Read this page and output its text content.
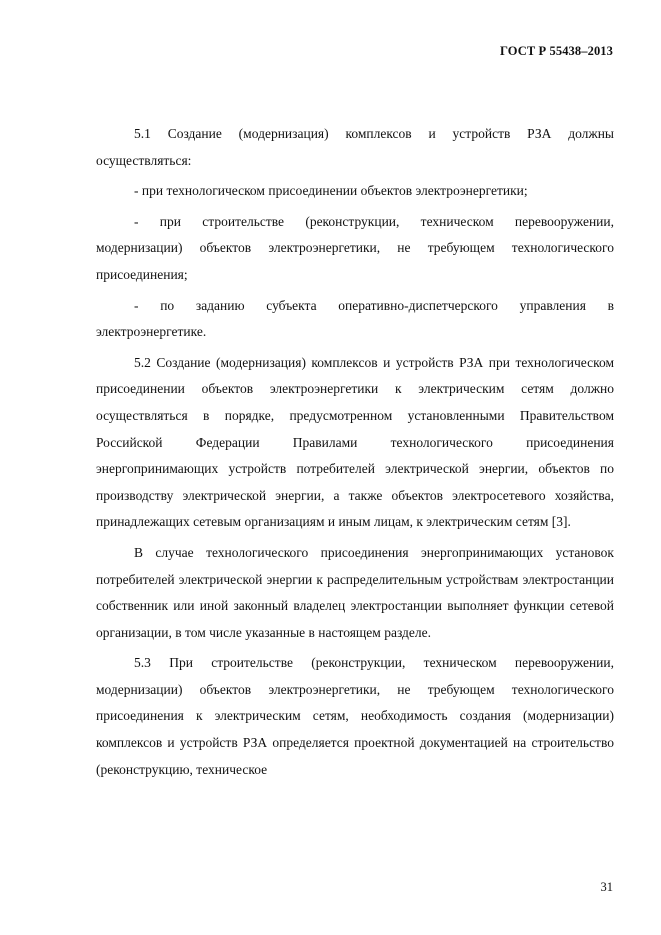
ГОСТ Р 55438–2013

5.1 Создание (модернизация) комплексов и устройств РЗА должны осуществляться:

- при технологическом присоединении объектов электроэнергетики;

- при строительстве (реконструкции, техническом перевооружении, модернизации) объектов электроэнергетики, не требующем технологического присоединения;

- по заданию субъекта оперативно-диспетчерского управления в электроэнергетике.

5.2 Создание (модернизация) комплексов и устройств РЗА при технологическом присоединении объектов электроэнергетики к электрическим сетям должно осуществляться в порядке, предусмотренном установленными Правительством Российской Федерации Правилами технологического присоединения энергопринимающих устройств потребителей электрической энергии, объектов по производству электрической энергии, а также объектов электросетевого хозяйства, принадлежащих сетевым организациям и иным лицам, к электрическим сетям [3].

В случае технологического присоединения энергопринимающих установок потребителей электрической энергии к распределительным устройствам электростанции собственник или иной законный владелец электростанции выполняет функции сетевой организации, в том числе указанные в настоящем разделе.

5.3 При строительстве (реконструкции, техническом перевооружении, модернизации) объектов электроэнергетики, не требующем технологического присоединения к электрическим сетям, необходимость создания (модернизации) комплексов и устройств РЗА определяется проектной документацией на строительство (реконструкцию, техническое

31
